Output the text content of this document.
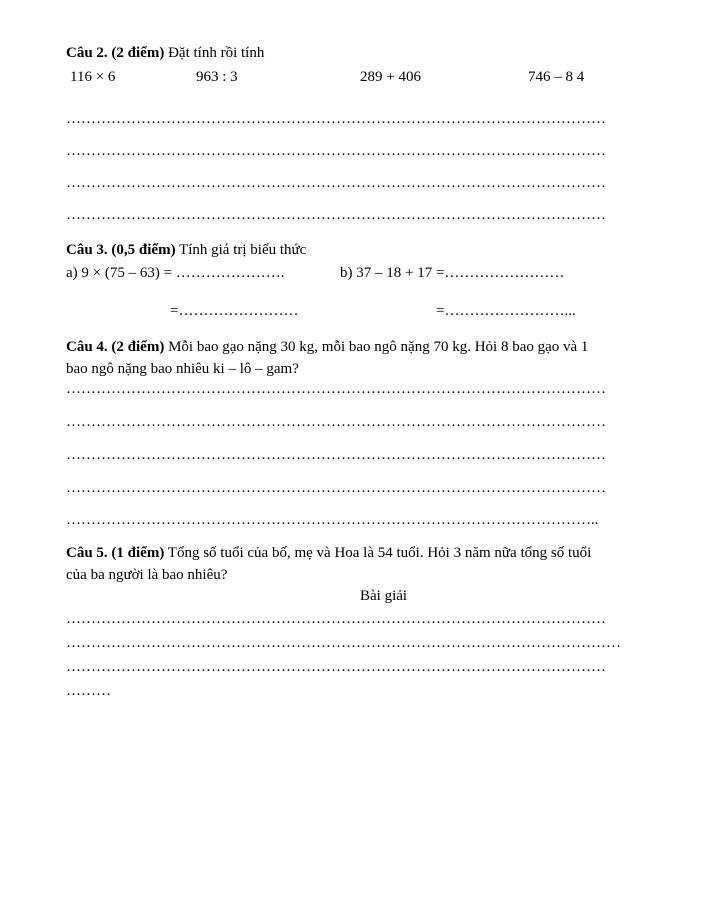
Câu 2. (2 điểm) Đặt tính rồi tính
116 × 6	963 : 3	289 + 406	746 – 8 4
………………………………………………………………………………………………
………………………………………………………………………………………………
………………………………………………………………………………………………
………………………………………………………………………………………………
Câu 3. (0,5 điểm) Tính giá trị biểu thức
a) 9 × (75 – 63) = ………………….	b) 37 – 18 + 17 =……………………
=……………………	=……………………...
Câu 4. (2 điểm) Mỗi bao gạo nặng 30 kg, mỗi bao ngô nặng 70 kg. Hỏi 8 bao gạo và 1
bao ngô nặng bao nhiêu ki – lô – gam?
………………………………………………………………………………………………
………………………………………………………………………………………………
………………………………………………………………………………………………
………………………………………………………………………………………………
……………………………………………………………………………………………..
Câu 5. (1 điểm) Tổng số tuổi của bố, mẹ và Hoa là 54 tuổi. Hỏi 3 năm nữa tổng số tuổi
của ba người là bao nhiêu?
Bài giải
………………………………………………………………………………………………
…………………………………………………………………………………………………
………………………………………………………………………………………………
………
